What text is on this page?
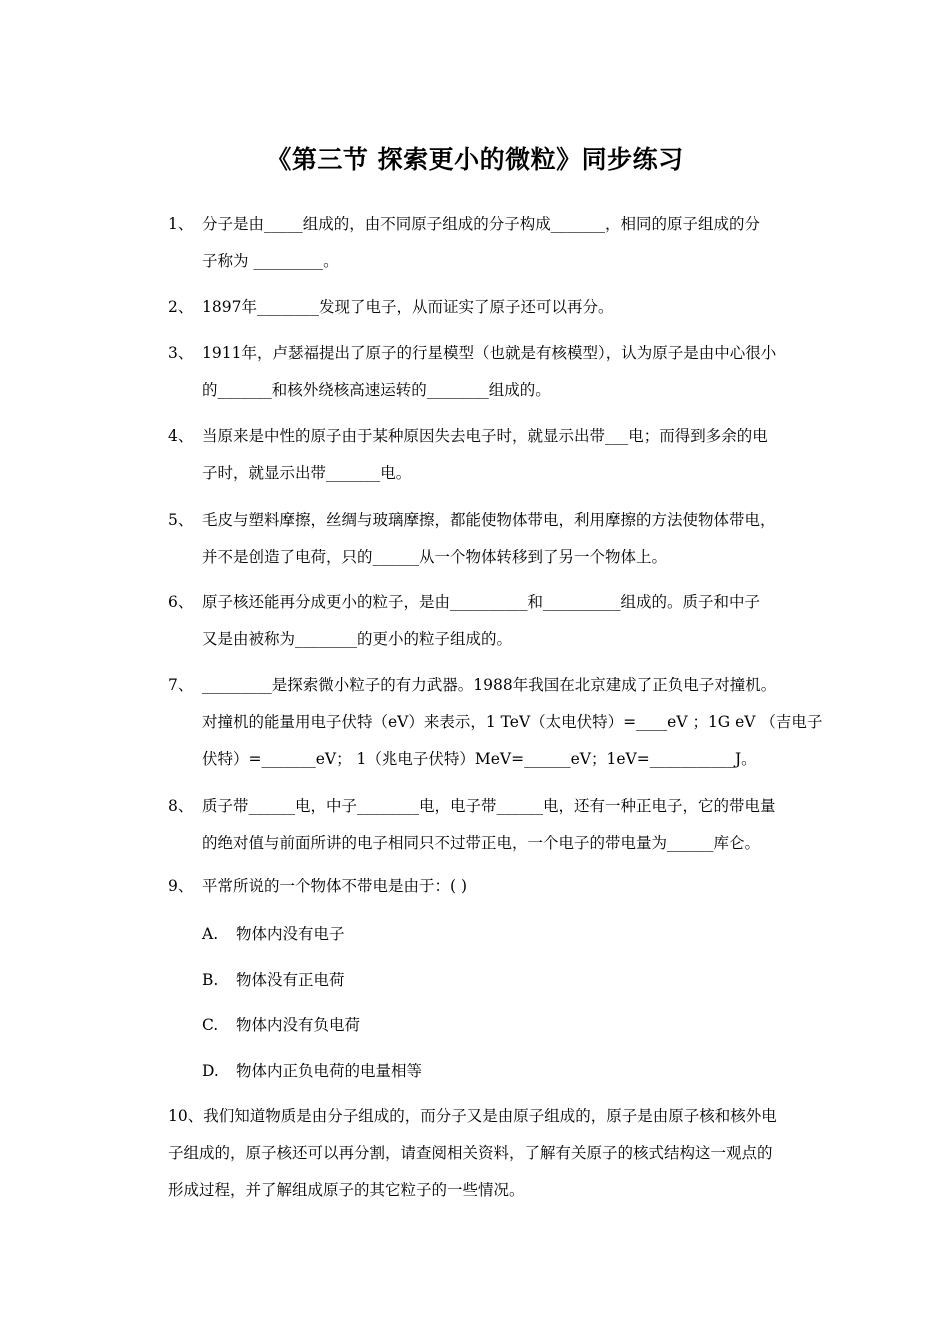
《第三节 探索更小的微粒》同步练习
1、 分子是由_____组成的，由不同原子组成的分子构成_______，相同的原子组成的分
子称为 _________。
2、 1897年________发现了电子，从而证实了原子还可以再分。
3、 1911年，卢瑟福提出了原子的行星模型（也就是有核模型），认为原子是由中心很小
的_______和核外绕核高速运转的________组成的。
4、 当原来是中性的原子由于某种原因失去电子时，就显示出带___电；而得到多余的电
子时，就显示出带_______电。
5、 毛皮与塑料摩擦，丝绸与玻璃摩擦，都能使物体带电，利用摩擦的方法使物体带电，
并不是创造了电荷，只的______从一个物体转移到了另一个物体上。
6、 原子核还能再分成更小的粒子，是由__________和__________组成的。质子和中子
又是由被称为________的更小的粒子组成的。
7、 _________是探索微小粒子的有力武器。1988年我国在北京建成了正负电子对撞机。
对撞机的能量用电子伏特（eV）来表示，1 TeV（太电伏特）=____eV ；1G eV （吉电子
伏特）=_______eV； 1（兆电子伏特）MeV=______eV；1eV=___________J。
8、 质子带______电，中子________电，电子带______电，还有一种正电子，它的带电量
的绝对值与前面所讲的电子相同只不过带正电，一个电子的带电量为______库仑。
9、 平常所说的一个物体不带电是由于：( )
A. 物体内没有电子
B. 物体没有正电荷
C. 物体内没有负电荷
D. 物体内正负电荷的电量相等
10、我们知道物质是由分子组成的，而分子又是由原子组成的，原子是由原子核和核外电
子组成的，原子核还可以再分割，请查阅相关资料，了解有关原子的核式结构这一观点的
形成过程，并了解组成原子的其它粒子的一些情况。
